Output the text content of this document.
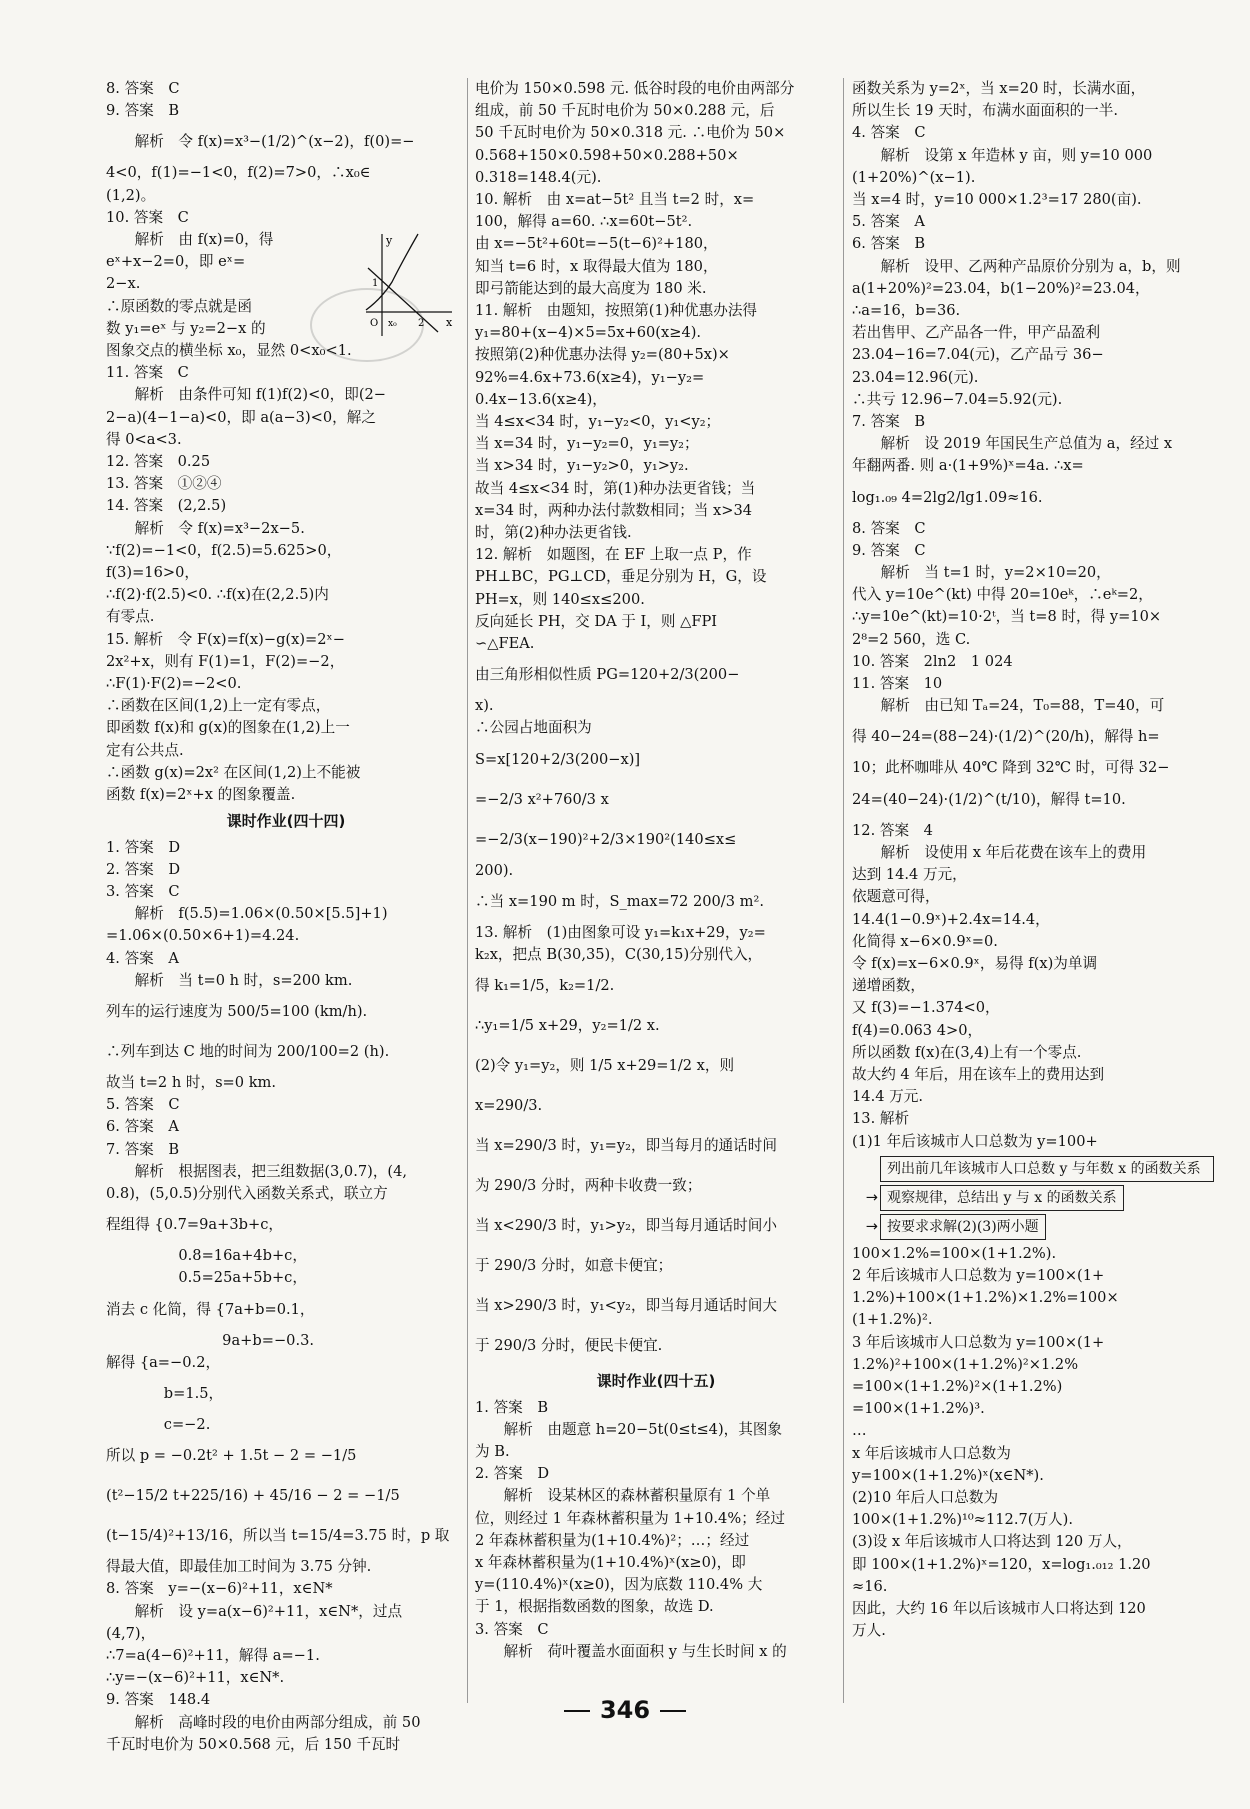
8. 答案　C
9. 答案　B
　解析　令 f(x)=x³−(1/2)^(x−2)，f(0)=−
4<0，f(1)=−1<0，f(2)=7>0，∴x₀∈
(1,2)。
10. 答案　C
　解析　由 f(x)=0，得
eˣ+x−2=0，即 eˣ=
2−x.
∴原函数的零点就是函
数 y₁=eˣ 与 y₂=2−x 的
图象交点的横坐标 x₀，显然 0<x₀<1.
11. 答案　C
　解析　由条件可知 f(1)f(2)<0，即(2−
2−a)(4−1−a)<0，即 a(a−3)<0，解之
得 0<a<3.
12. 答案　0.25
13. 答案　①②④
14. 答案　(2,2.5)
　解析　令 f(x)=x³−2x−5.
∵f(2)=−1<0，f(2.5)=5.625>0，
f(3)=16>0，
∴f(2)·f(2.5)<0. ∴f(x)在(2,2.5)内
有零点.
15. 解析　令 F(x)=f(x)−g(x)=2ˣ−
2x²+x，则有 F(1)=1，F(2)=−2，
∴F(1)·F(2)=−2<0.
∴函数在区间(1,2)上一定有零点，
即函数 f(x)和 g(x)的图象在(1,2)上一
定有公共点.
∴函数 g(x)=2x² 在区间(1,2)上不能被
函数 f(x)=2ˣ+x 的图象覆盖.
课时作业(四十四)
1. 答案　D
2. 答案　D
3. 答案　C
　解析　f(5.5)=1.06×(0.50×[5.5]+1)
=1.06×(0.50×6+1)=4.24.
4. 答案　A
　解析　当 t=0 h 时，s=200 km.
列车的运行速度为 500/5=100 (km/h).
∴列车到达 C 地的时间为 200/100=2 (h).
故当 t=2 h 时，s=0 km.
5. 答案　C
6. 答案　A
7. 答案　B
　解析　根据图表，把三组数据(3,0.7)，(4,
0.8)，(5,0.5)分别代入函数关系式，联立方
程组得 {0.7=9a+3b+c，
　　　　0.8=16a+4b+c，
　　　　0.5=25a+5b+c，
消去 c 化简，得 {7a+b=0.1，
　　　　　　　9a+b=−0.3.
解得 {a=−0.2，
　　　b=1.5，
　　　c=−2.
所以 p = −0.2t² + 1.5t − 2 = −1/5
(t²−15/2 t+225/16) + 45/16 − 2 = −1/5
(t−15/4)²+13/16，所以当 t=15/4=3.75 时，p 取
得最大值，即最佳加工时间为 3.75 分钟.
8. 答案　y=−(x−6)²+11，x∈N*
　解析　设 y=a(x−6)²+11，x∈N*，过点
(4,7)，
∴7=a(4−6)²+11，解得 a=−1.
∴y=−(x−6)²+11，x∈N*.
9. 答案　148.4
　解析　高峰时段的电价由两部分组成，前 50
千瓦时电价为 50×0.568 元，后 150 千瓦时
电价为 150×0.598 元. 低谷时段的电价由两部分
组成，前 50 千瓦时电价为 50×0.288 元，后
50 千瓦时电价为 50×0.318 元. ∴电价为 50×
0.568+150×0.598+50×0.288+50×
0.318=148.4(元).
10. 解析　由 x=at−5t² 且当 t=2 时，x=
100，解得 a=60. ∴x=60t−5t².
由 x=−5t²+60t=−5(t−6)²+180，
知当 t=6 时，x 取得最大值为 180，
即弓箭能达到的最大高度为 180 米.
11. 解析　由题知，按照第(1)种优惠办法得
y₁=80+(x−4)×5=5x+60(x≥4).
按照第(2)种优惠办法得 y₂=(80+5x)×
92%=4.6x+73.6(x≥4)，y₁−y₂=
0.4x−13.6(x≥4)，
当 4≤x<34 时，y₁−y₂<0，y₁<y₂；
当 x=34 时，y₁−y₂=0，y₁=y₂；
当 x>34 时，y₁−y₂>0，y₁>y₂.
故当 4≤x<34 时，第(1)种办法更省钱；当
x=34 时，两种办法付款数相同；当 x>34
时，第(2)种办法更省钱.
12. 解析　如题图，在 EF 上取一点 P，作
PH⊥BC，PG⊥CD，垂足分别为 H，G，设
PH=x，则 140≤x≤200.
反向延长 PH，交 DA 于 I，则 △FPI
∽△FEA.
由三角形相似性质 PG=120+2/3(200−
x).
∴公园占地面积为
S=x[120+2/3(200−x)]
=−2/3 x²+760/3 x
=−2/3(x−190)²+2/3×190²(140≤x≤
200).
∴当 x=190 m 时，S_max=72 200/3 m².
13. 解析　(1)由图象可设 y₁=k₁x+29，y₂=
k₂x，把点 B(30,35)，C(30,15)分别代入，
得 k₁=1/5，k₂=1/2.
∴y₁=1/5 x+29，y₂=1/2 x.
(2)令 y₁=y₂，则 1/5 x+29=1/2 x，则
x=290/3.
当 x=290/3 时，y₁=y₂，即当每月的通话时间
为 290/3 分时，两种卡收费一致；
当 x<290/3 时，y₁>y₂，即当每月通话时间小
于 290/3 分时，如意卡便宜；
当 x>290/3 时，y₁<y₂，即当每月通话时间大
于 290/3 分时，便民卡便宜.
课时作业(四十五)
1. 答案　B
　解析　由题意 h=20−5t(0≤t≤4)，其图象
为 B.
2. 答案　D
　解析　设某林区的森林蓄积量原有 1 个单
位，则经过 1 年森林蓄积量为 1+10.4%；经过
2 年森林蓄积量为(1+10.4%)²；…；经过
x 年森林蓄积量为(1+10.4%)ˣ(x≥0)，即
y=(110.4%)ˣ(x≥0)，因为底数 110.4% 大
于 1，根据指数函数的图象，故选 D.
3. 答案　C
　解析　荷叶覆盖水面面积 y 与生长时间 x 的
函数关系为 y=2ˣ，当 x=20 时，长满水面，
所以生长 19 天时，布满水面面积的一半.
4. 答案　C
　解析　设第 x 年造林 y 亩，则 y=10 000
(1+20%)^(x−1).
当 x=4 时，y=10 000×1.2³=17 280(亩).
5. 答案　A
6. 答案　B
　解析　设甲、乙两种产品原价分别为 a，b，则
a(1+20%)²=23.04，b(1−20%)²=23.04，
∴a=16，b=36.
若出售甲、乙产品各一件，甲产品盈利
23.04−16=7.04(元)，乙产品亏 36−
23.04=12.96(元).
∴共亏 12.96−7.04=5.92(元).
7. 答案　B
　解析　设 2019 年国民生产总值为 a，经过 x
年翻两番. 则 a·(1+9%)ˣ=4a. ∴x=
log₁.₀₉ 4=2lg2/lg1.09≈16.
8. 答案　C
9. 答案　C
　解析　当 t=1 时，y=2×10=20，
代入 y=10e^(kt) 中得 20=10eᵏ，∴eᵏ=2，
∴y=10e^(kt)=10·2ᵗ，当 t=8 时，得 y=10×
2⁸=2 560，选 C.
10. 答案　2ln2　1 024
11. 答案　10
　解析　由已知 Tₐ=24，T₀=88，T=40，可
得 40−24=(88−24)·(1/2)^(20/h)，解得 h=
10；此杯咖啡从 40℃ 降到 32℃ 时，可得 32−
24=(40−24)·(1/2)^(t/10)，解得 t=10.
12. 答案　4
　解析　设使用 x 年后花费在该车上的费用
达到 14.4 万元，
依题意可得，
14.4(1−0.9ˣ)+2.4x=14.4，
化简得 x−6×0.9ˣ=0.
令 f(x)=x−6×0.9ˣ，易得 f(x)为单调
递增函数，
又 f(3)=−1.374<0，
f(4)=0.063 4>0，
所以函数 f(x)在(3,4)上有一个零点.
故大约 4 年后，用在该车上的费用达到
14.4 万元.
13. 解析
(1)1 年后该城市人口总数为 y=100+
列出前几年该城市人口总数 y 与年数 x 的函数关系
→ 观察规律，总结出 y 与 x 的函数关系
→ 按要求求解(2)(3)两小题
100×1.2%=100×(1+1.2%).
2 年后该城市人口总数为 y=100×(1+
1.2%)+100×(1+1.2%)×1.2%=100×
(1+1.2%)².
3 年后该城市人口总数为 y=100×(1+
1.2%)²+100×(1+1.2%)²×1.2%
=100×(1+1.2%)²×(1+1.2%)
=100×(1+1.2%)³.
…
x 年后该城市人口总数为
y=100×(1+1.2%)ˣ(x∈N*).
(2)10 年后人口总数为
100×(1+1.2%)¹⁰≈112.7(万人).
(3)设 x 年后该城市人口将达到 120 万人，
即 100×(1+1.2%)ˣ=120，x=log₁.₀₁₂ 1.20
≈16.
因此，大约 16 年以后该城市人口将达到 120
万人.
y
x
O
1
2
x₀
346
